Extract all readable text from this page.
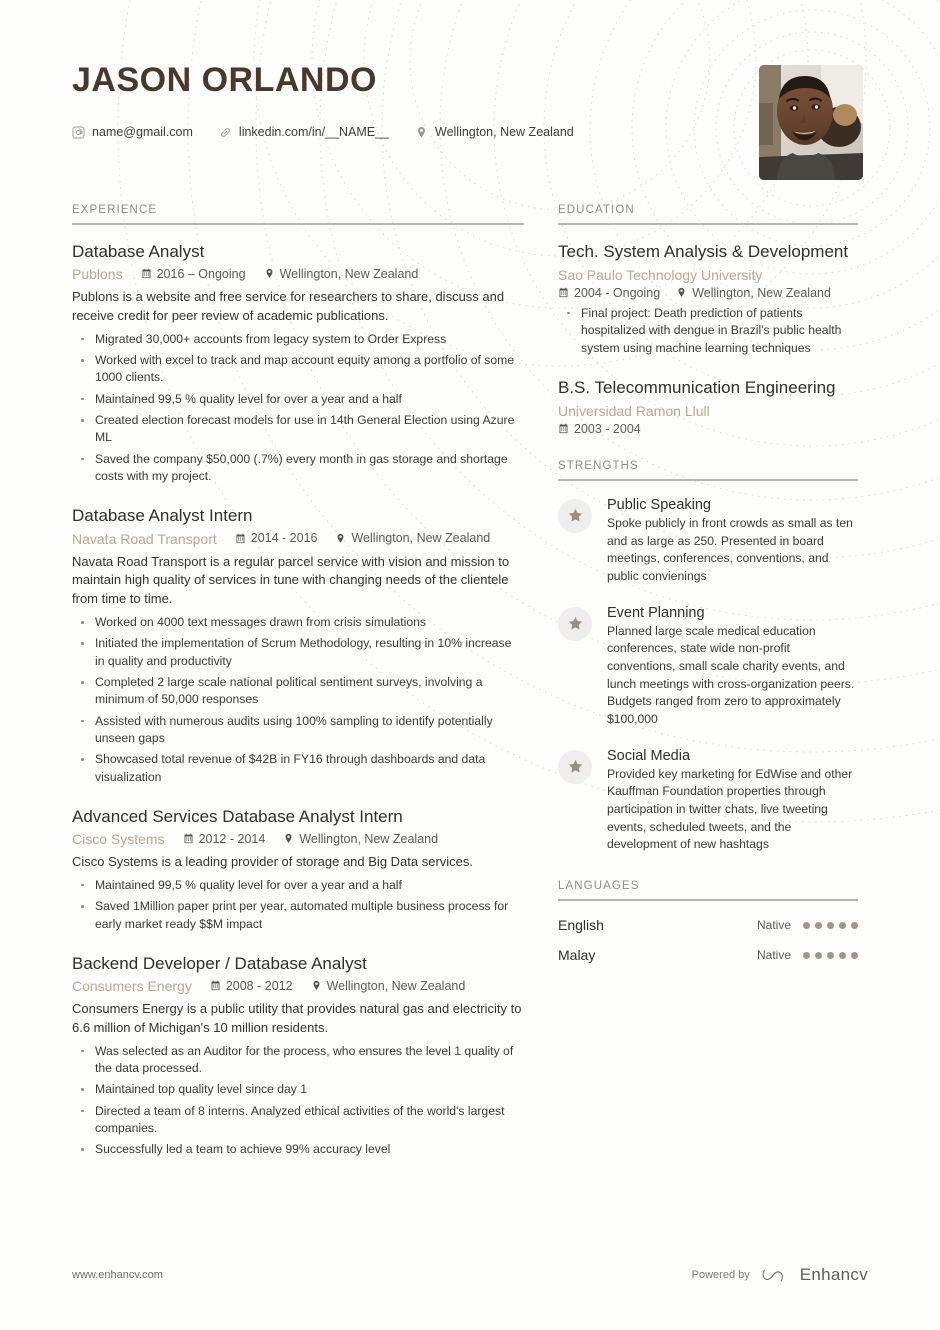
JASON ORLANDO
name@gmail.com	linkedin.com/in/__NAME__	Wellington, New Zealand
EXPERIENCE
Database Analyst
Publons	2016 – Ongoing	Wellington, New Zealand

Publons is a website and free service for researchers to share, discuss and receive credit for peer review of academic publications.

Migrated 30,000+ accounts from legacy system to Order Express
Worked with excel to track and map account equity among a portfolio of some 1000 clients.
Maintained 99,5 % quality level for over a year and a half
Created election forecast models for use in 14th General Election using Azure ML
Saved the company $50,000 (.7%) every month in gas storage and shortage costs with my project.
Database Analyst Intern
Navata Road Transport	2014 - 2016	Wellington, New Zealand

Navata Road Transport is a regular parcel service with vision and mission to maintain high quality of services in tune with changing needs of the clientele from time to time.

Worked on 4000 text messages drawn from crisis simulations
Initiated the implementation of Scrum Methodology, resulting in 10% increase in quality and productivity
Completed 2 large scale national political sentiment surveys, involving a minimum of 50,000 responses
Assisted with numerous audits using 100% sampling to identify potentially unseen gaps
Showcased total revenue of $42B in FY16 through dashboards and data visualization
Advanced Services Database Analyst Intern
Cisco Systems	2012 - 2014	Wellington, New Zealand

Cisco Systems is a leading provider of storage and Big Data services.

Maintained 99,5 % quality level for over a year and a half
Saved 1Million paper print per year, automated multiple business process for early market ready $$M impact
Backend Developer / Database Analyst
Consumers Energy	2008 - 2012	Wellington, New Zealand

Consumers Energy is a public utility that provides natural gas and electricity to 6.6 million of Michigan's 10 million residents.

Was selected as an Auditor for the process, who ensures the level 1 quality of the data processed.
Maintained top quality level since day 1
Directed a team of 8 interns. Analyzed ethical activities of the world's largest companies.
Successfully led a team to achieve 99% accuracy level
EDUCATION
Tech. System Analysis & Development
Sao Paulo Technology University
2004 - Ongoing	Wellington, New Zealand
Final project: Death prediction of patients hospitalized with dengue in Brazil's public health system using machine learning techniques
B.S. Telecommunication Engineering
Universidad Ramon Llull
2003 - 2004
STRENGTHS
Public Speaking

Spoke publicly in front crowds as small as ten and as large as 250. Presented in board meetings, conferences, conventions, and public convienings

Event Planning

Planned large scale medical education conferences, state wide non-profit conventions, small scale charity events, and lunch meetings with cross-organization peers. Budgets ranged from zero to approximately $100,000

Social Media

Provided key marketing for EdWise and other Kauffman Foundation properties through participation in twitter chats, live tweeting events, scheduled tweets, and the development of new hashtags

LANGUAGES
English	Native
Malay	Native
www.enhancv.com	Powered by	Enhancv
